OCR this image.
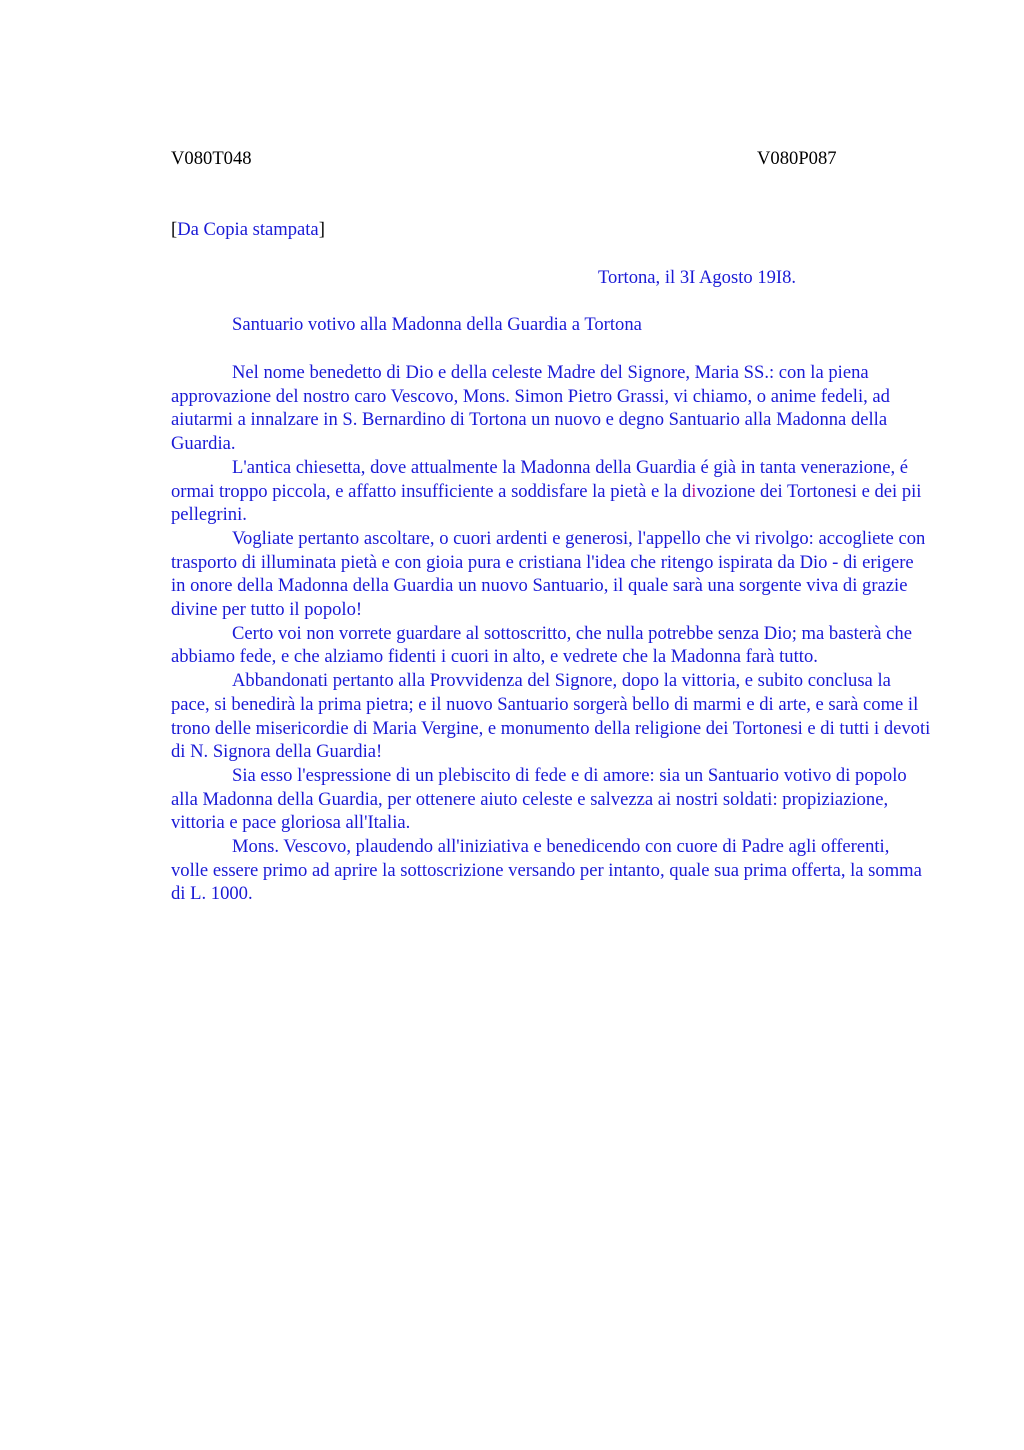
V080T048	V080P087
[Da Copia stampata]
Tortona, il 3I Agosto 19I8.
Santuario votivo alla Madonna della Guardia a Tortona

Nel nome benedetto di Dio e della celeste Madre del Signore, Maria SS.: con la piena approvazione del nostro caro Vescovo, Mons. Simon Pietro Grassi, vi chiamo, o anime fedeli, ad aiutarmi a innalzare in S. Bernardino di Tortona un nuovo e degno Santuario alla Madonna della Guardia.

L'antica chiesetta, dove attualmente la Madonna della Guardia é già in tanta venerazione, é ormai troppo piccola, e affatto insufficiente a soddisfare la pietà e la divozione dei Tortonesi e dei pii pellegrini.

Vogliate pertanto ascoltare, o cuori ardenti e generosi, l'appello che vi rivolgo: accogliete con trasporto di illuminata pietà e con gioia pura e cristiana l'idea che ritengo ispirata da Dio - di erigere in onore della Madonna della Guardia un nuovo Santuario, il quale sarà una sorgente viva di grazie divine per tutto il popolo!

Certo voi non vorrete guardare al sottoscritto, che nulla potrebbe senza Dio; ma basterà che abbiamo fede, e che alziamo fidenti i cuori in alto, e vedrete che la Madonna farà tutto.

Abbandonati pertanto alla Provvidenza del Signore, dopo la vittoria, e subito conclusa la pace, si benedirà la prima pietra; e il nuovo Santuario sorgerà bello di marmi e di arte, e sarà come il trono delle misericordie di Maria Vergine, e monumento della religione dei Tortonesi e di tutti i devoti di N. Signora della Guardia!

Sia esso l'espressione di un plebiscito di fede e di amore: sia un Santuario votivo di popolo alla Madonna della Guardia, per ottenere aiuto celeste e salvezza ai nostri soldati: propiziazione, vittoria e pace gloriosa all'Italia.

Mons. Vescovo, plaudendo all'iniziativa e benedicendo con cuore di Padre agli offerenti, volle essere primo ad aprire la sottoscrizione versando per intanto, quale sua prima offerta, la somma di L. 1000.
